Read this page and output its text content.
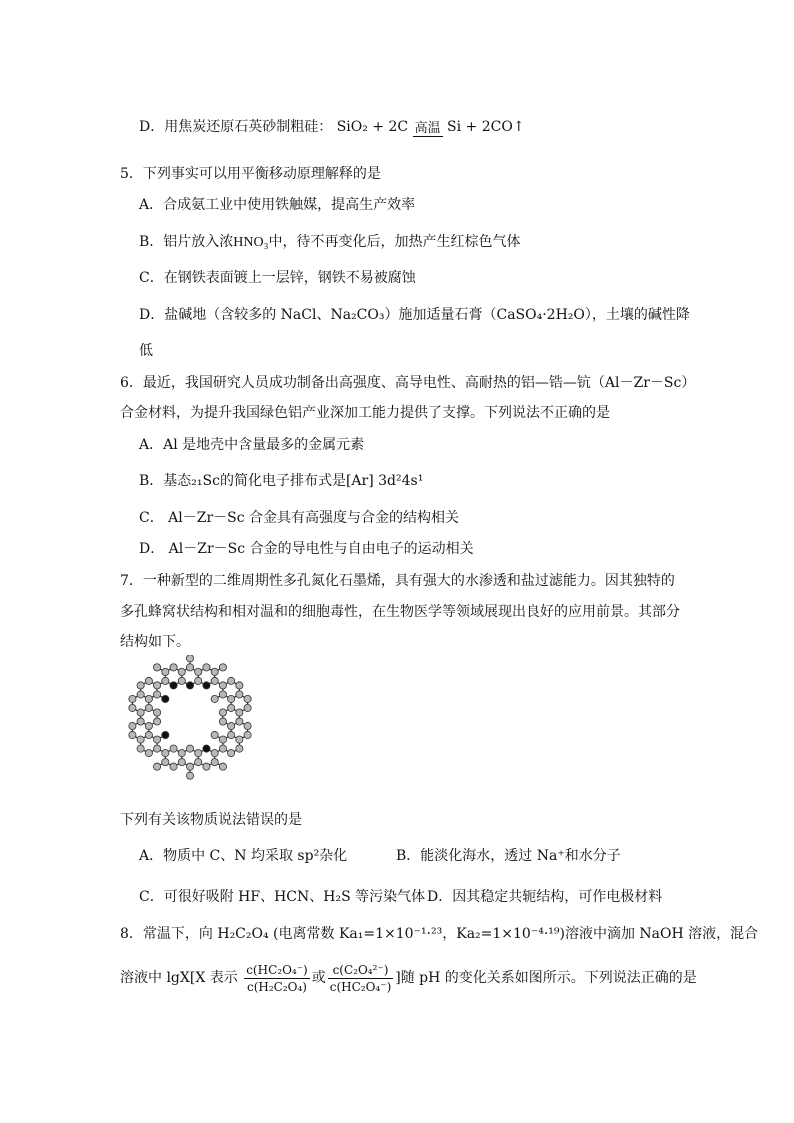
D．用焦炭还原石英砂制粗硅： SiO₂ + 2C 高温 Si + 2CO↑
5．下列事实可以用平衡移动原理解释的是
A．合成氨工业中使用铁触媒，提高生产效率
B．铝片放入浓HNO₃中，待不再变化后，加热产生红棕色气体
C．在钢铁表面镀上一层锌，钢铁不易被腐蚀
D．盐碱地（含较多的 NaCl、Na₂CO₃）施加适量石膏（CaSO₄·2H₂O），土壤的碱性降
低
6．最近，我国研究人员成功制备出高强度、高导电性、高耐热的铝—锆—钪（Al－Zr－Sc）
合金材料，为提升我国绿色铝产业深加工能力提供了支撑。下列说法不正确的是
A．Al 是地壳中含量最多的金属元素
B．基态₂₁Sc的简化电子排布式是[Ar] 3d²4s¹
C． Al－Zr－Sc 合金具有高强度与合金的结构相关
D． Al－Zr－Sc 合金的导电性与自由电子的运动相关
7．一种新型的二维周期性多孔氮化石墨烯，具有强大的水渗透和盐过滤能力。因其独特的
多孔蜂窝状结构和相对温和的细胞毒性，在生物医学等领域展现出良好的应用前景。其部分
结构如下。
下列有关该物质说法错误的是
A．物质中 C、N 均采取 sp²杂化	B．能淡化海水，透过 Na⁺和水分子
C．可很好吸附 HF、HCN、H₂S 等污染气体 D．因其稳定共轭结构，可作电极材料
8．常温下，向 H₂C₂O₄ (电离常数 Ka₁=1×10⁻¹·²³，Ka₂=1×10⁻⁴·¹⁹)溶液中滴加 NaOH 溶液，混合
溶液中 lgX[X 表示 $\frac{\text{c(HC₂O₄⁻)}}{\text{c(H₂C₂O₄)}}$ 或 $\frac{\text{c(C₂O₄²⁻)}}{\text{c(HC₂O₄⁻)}}$ ]随 pH 的变化关系如图所示。下列说法正确的是
